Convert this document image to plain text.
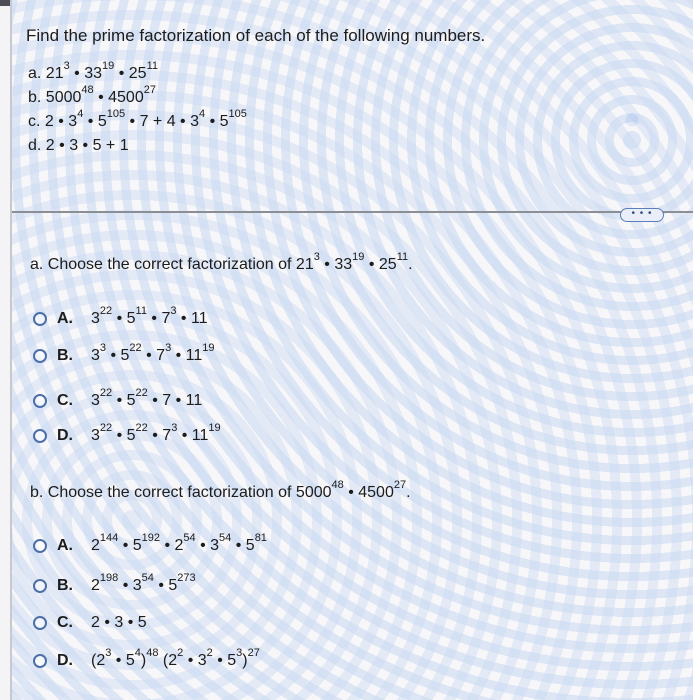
Find the prime factorization of each of the following numbers.
a. $21^3$ • $33^{19}$ • $25^{11}$
b. 5000$^{48}$ • 4500$^{27}$
c. 2 • $3^4$ • $5^{105}$ • 7 + 4 • $3^4$ • $5^{105}$
d. 2 • 3 • 5 + 1
• • •
a. Choose the correct factorization of $21^3$ • $33^{19}$ • $25^{11}$.
A.	$3^{22}$ • $5^{11}$ • $7^3$ • 11
B.	$3^3$ • $5^{22}$ • $7^3$ • $11^{19}$
C.	$3^{22}$ • $5^{22}$ • 7 • 11
D.	$3^{22}$ • $5^{22}$ • $7^3$ • $11^{19}$
b. Choose the correct factorization of 5000$^{48}$ • 4500$^{27}$.
A.	$2^{144}$ • $5^{192}$ • $2^{54}$ • $3^{54}$ • $5^{81}$
B.	$2^{198}$ • $3^{54}$ • $5^{273}$
C.	2 • 3 • 5
D.	($2^3$ • $5^4)^{48}$ ($2^2$ • $3^2$ • $5^3)^{27}$
